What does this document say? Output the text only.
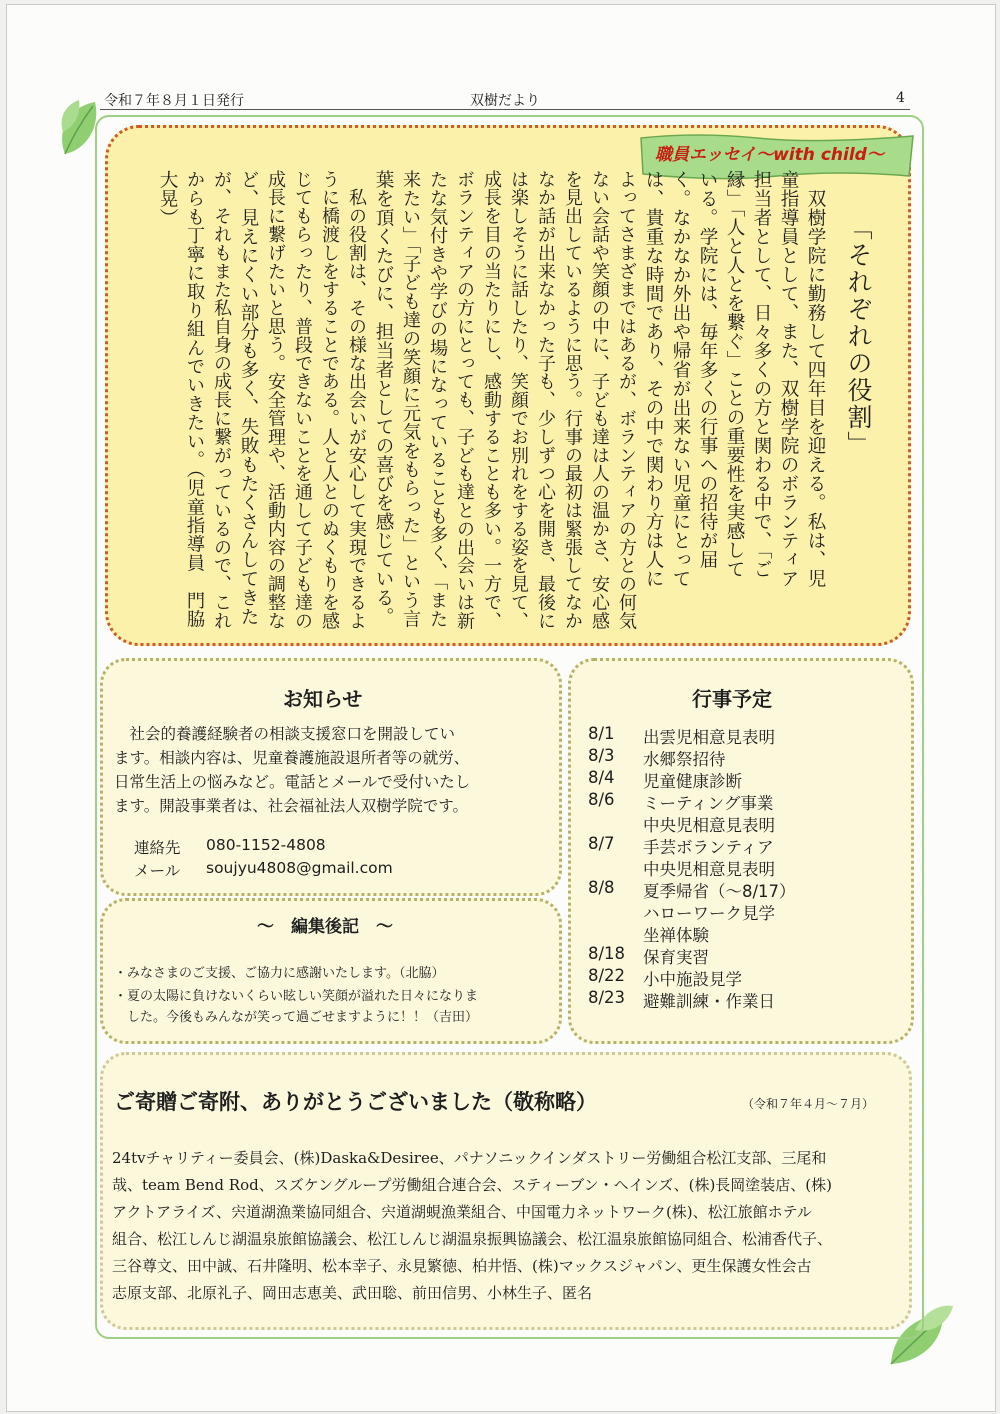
令和７年８月１日発行	双樹だより	4
職員エッセイ～with child～
「それぞれの役割」
　双樹学院に勤務して四年目を迎える。私は、児
童指導員として、また、双樹学院のボランティア
担当者として、日々多くの方と関わる中で、「ご
縁」「人と人とを繋ぐ」ことの重要性を実感して
いる。学院には、毎年多くの行事への招待が届
く。なかなか外出や帰省が出来ない児童にとって
は、貴重な時間であり、その中で関わり方は人に
よってさまざまではあるが、ボランティアの方との何気
ない会話や笑顔の中に、子ども達は人の温かさ、安心感
を見出しているように思う。行事の最初は緊張してなか
なか話が出来なかった子も、少しずつ心を開き、最後に
は楽しそうに話したり、笑顔でお別れをする姿を見て、
成長を目の当たりにし、感動することも多い。一方で、
ボランティアの方にとっても、子ども達との出会いは新
たな気付きや学びの場になっていることも多く、「また
来たい」「子ども達の笑顔に元気をもらった」という言
葉を頂くたびに、担当者としての喜びを感じている。
　私の役割は、その様な出会いが安心して実現できるよ
うに橋渡しをすることである。人と人とのぬくもりを感
じてもらったり、普段できないことを通して子ども達の
成長に繋げたいと思う。安全管理や、活動内容の調整な
ど、見えにくい部分も多く、失敗もたくさんしてきた
が、それもまた私自身の成長に繋がっているので、これ
からも丁寧に取り組んでいきたい。（児童指導員　門脇
大晃）
お知らせ
　社会的養護経験者の相談支援窓口を開設してい
ます。相談内容は、児童養護施設退所者等の就労、
日常生活上の悩みなど。電話とメールで受付いたし
ます。開設事業者は、社会福祉法人双樹学院です。
連絡先 080-1152-4808
メール soujyu4808@gmail.com
～　編集後記　～
・みなさまのご支援、ご協力に感謝いたします。（北脇）
・夏の太陽に負けないくらい眩しい笑顔が溢れた日々になりま
　した。今後もみんなが笑って過ごせますように！！（吉田）
行事予定
8/1 出雲児相意見表明
8/3 水郷祭招待
8/4 児童健康診断
8/6 ミーティング事業
中央児相意見表明
8/7 手芸ボランティア
中央児相意見表明
8/8 夏季帰省（～8/17）
ハローワーク見学
坐禅体験
8/18 保育実習
8/22 小中施設見学
8/23 避難訓練・作業日
ご寄贈ご寄附、ありがとうございました（敬称略）	（令和７年４月～７月）
24tvチャリティー委員会、(株)Daska&Desiree、パナソニックインダストリー労働組合松江支部、三尾和
哉、team Bend Rod、スズケングループ労働組合連合会、スティーブン・ヘインズ、(株)長岡塗装店、(株)
アクトアライズ、宍道湖漁業協同組合、宍道湖蜆漁業組合、中国電力ネットワーク(株)、松江旅館ホテル
組合、松江しんじ湖温泉旅館協議会、松江しんじ湖温泉振興協議会、松江温泉旅館協同組合、松浦香代子、
三谷尊文、田中誠、石井隆明、松本幸子、永見繁徳、柏井悟、(株)マックスジャパン、更生保護女性会古
志原支部、北原礼子、岡田志恵美、武田聡、前田信男、小林生子、匿名
